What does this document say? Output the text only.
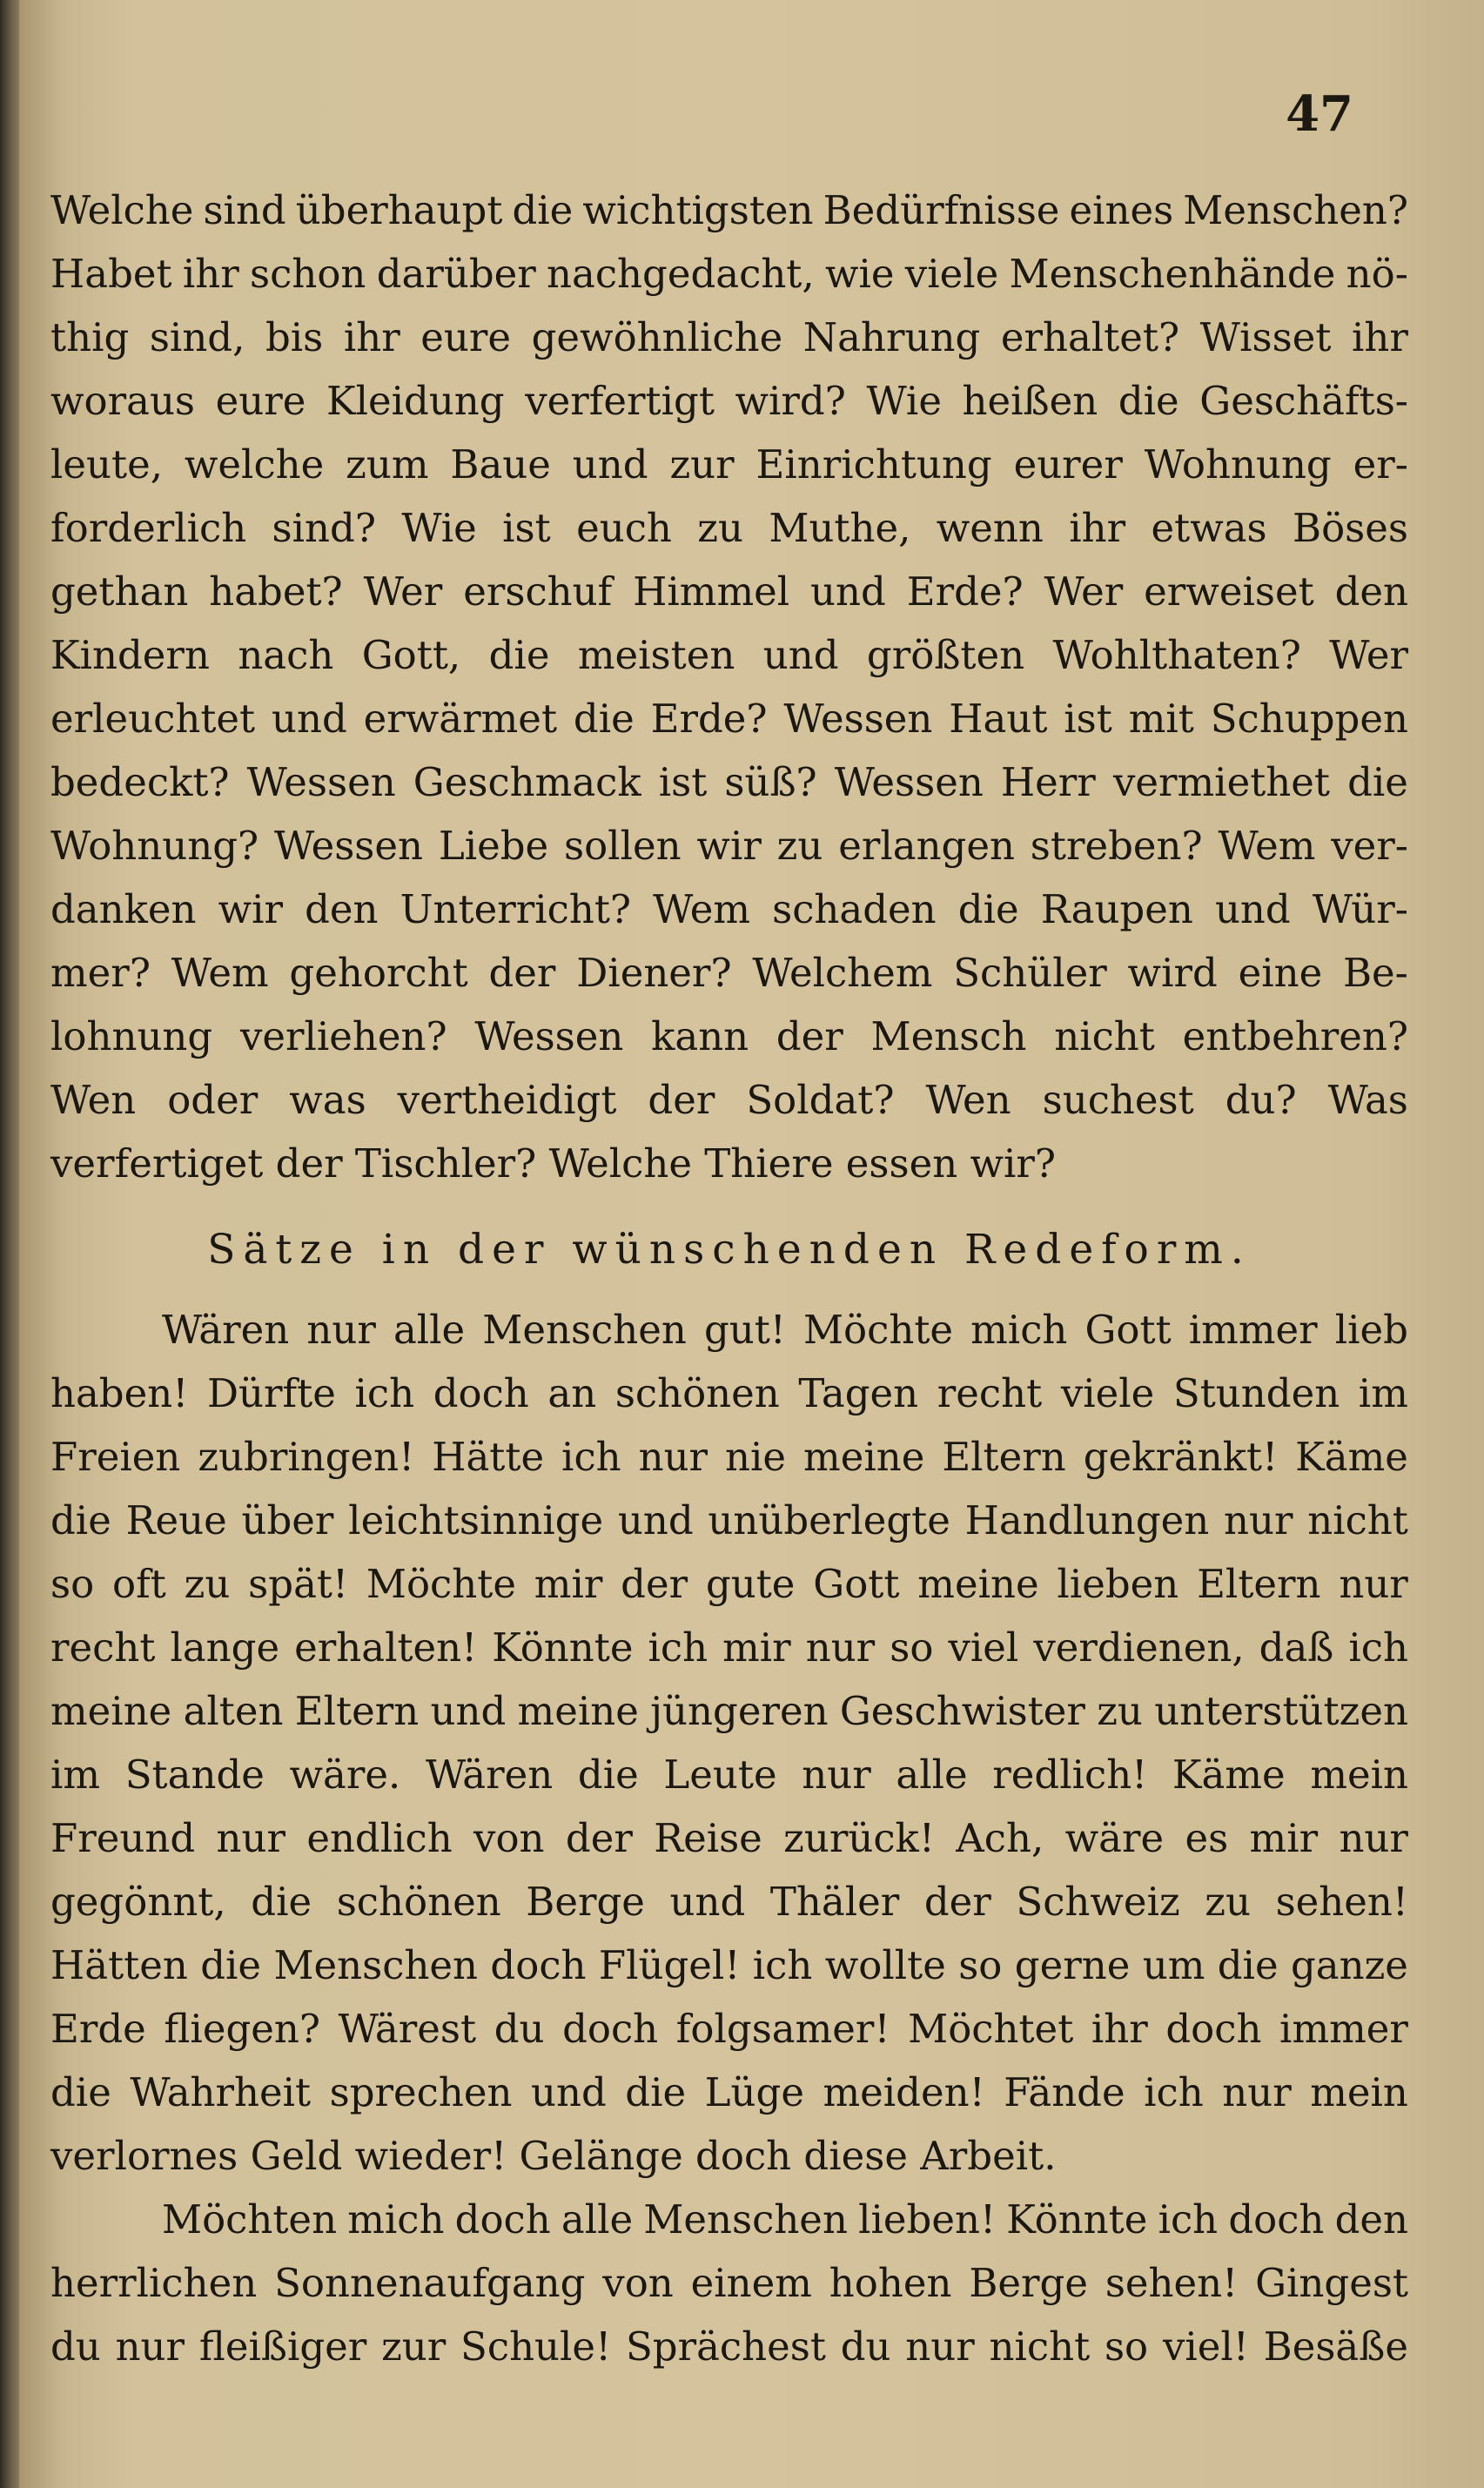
47
Welche sind überhaupt die wichtigsten Bedürfnisse eines Menschen?
Habet ihr schon darüber nachgedacht, wie viele Menschenhände nö-
thig sind, bis ihr eure gewöhnliche Nahrung erhaltet? Wisset ihr
woraus eure Kleidung verfertigt wird? Wie heißen die Geschäfts-
leute, welche zum Baue und zur Einrichtung eurer Wohnung er-
forderlich sind? Wie ist euch zu Muthe, wenn ihr etwas Böses
gethan habet? Wer erschuf Himmel und Erde? Wer erweiset den
Kindern nach Gott, die meisten und größten Wohlthaten? Wer
erleuchtet und erwärmet die Erde? Wessen Haut ist mit Schuppen
bedeckt? Wessen Geschmack ist süß? Wessen Herr vermiethet die
Wohnung? Wessen Liebe sollen wir zu erlangen streben? Wem ver-
danken wir den Unterricht? Wem schaden die Raupen und Wür-
mer? Wem gehorcht der Diener? Welchem Schüler wird eine Be-
lohnung verliehen? Wessen kann der Mensch nicht entbehren?
Wen oder was vertheidigt der Soldat? Wen suchest du? Was
verfertiget der Tischler? Welche Thiere essen wir?
Sätze in der wünschenden Redeform.
Wären nur alle Menschen gut! Möchte mich Gott immer lieb
haben! Dürfte ich doch an schönen Tagen recht viele Stunden im
Freien zubringen! Hätte ich nur nie meine Eltern gekränkt! Käme
die Reue über leichtsinnige und unüberlegte Handlungen nur nicht
so oft zu spät! Möchte mir der gute Gott meine lieben Eltern nur
recht lange erhalten! Könnte ich mir nur so viel verdienen, daß ich
meine alten Eltern und meine jüngeren Geschwister zu unterstützen
im Stande wäre. Wären die Leute nur alle redlich! Käme mein
Freund nur endlich von der Reise zurück! Ach, wäre es mir nur
gegönnt, die schönen Berge und Thäler der Schweiz zu sehen!
Hätten die Menschen doch Flügel! ich wollte so gerne um die ganze
Erde fliegen? Wärest du doch folgsamer! Möchtet ihr doch immer
die Wahrheit sprechen und die Lüge meiden! Fände ich nur mein
verlornes Geld wieder! Gelänge doch diese Arbeit.
Möchten mich doch alle Menschen lieben! Könnte ich doch den
herrlichen Sonnenaufgang von einem hohen Berge sehen! Gingest
du nur fleißiger zur Schule! Sprächest du nur nicht so viel! Besäße
